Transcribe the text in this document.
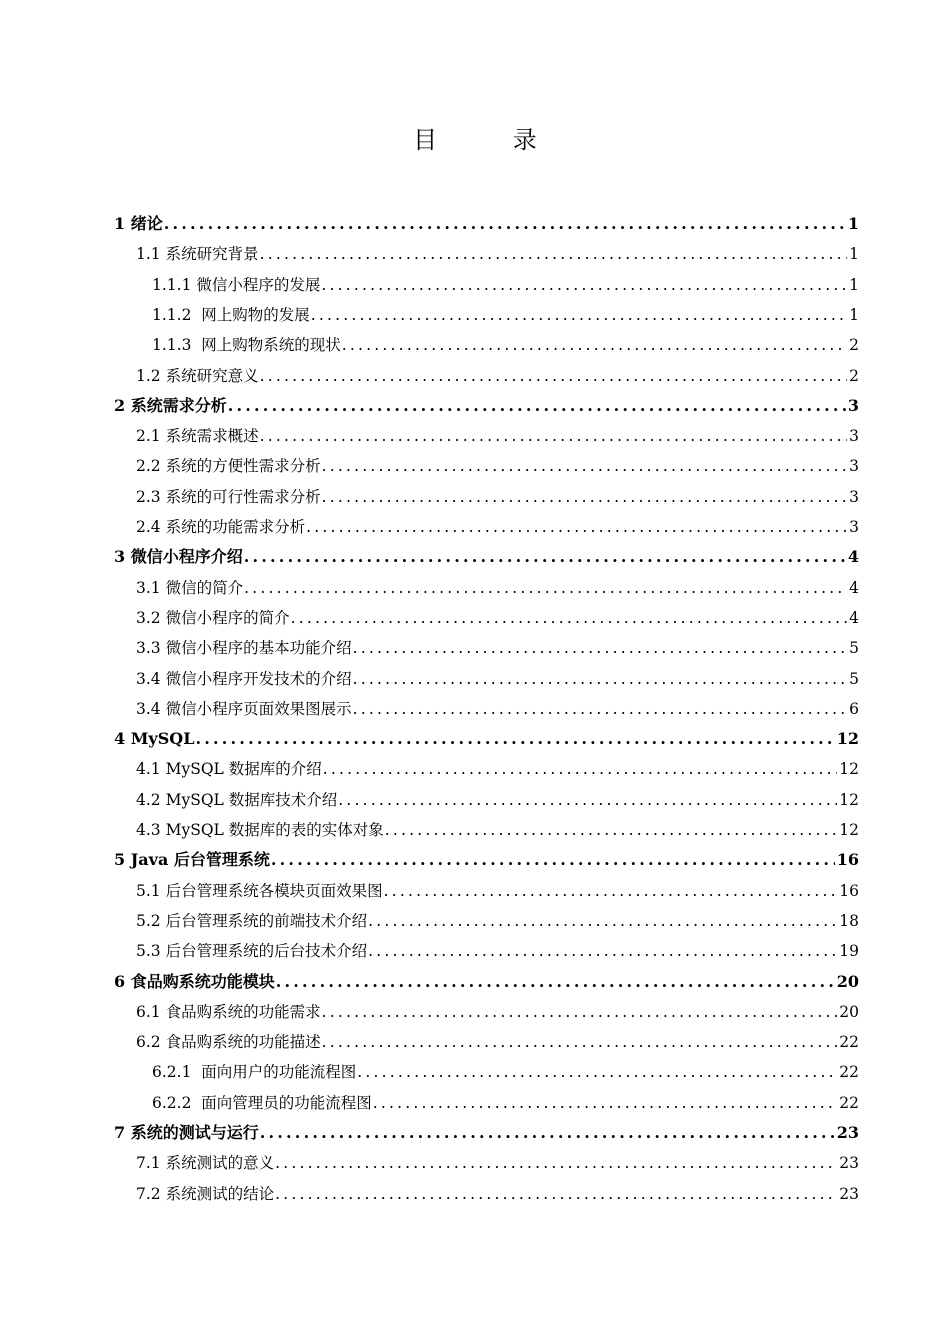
目 录
1 绪论 .....	1
1.1 系统研究背景 .....	1
1.1.1 微信小程序的发展 .....	1
1.1.2  网上购物的发展 .....	1
1.1.3  网上购物系统的现状 .....	2
1.2 系统研究意义 .....	2
2 系统需求分析 .....	3
2.1 系统需求概述 .....	3
2.2 系统的方便性需求分析 .....	3
2.3 系统的可行性需求分析 .....	3
2.4 系统的功能需求分析 .....	3
3 微信小程序介绍 .....	4
3.1 微信的简介 .....	4
3.2 微信小程序的简介 .....	4
3.3 微信小程序的基本功能介绍 .....	5
3.4 微信小程序开发技术的介绍 .....	5
3.4 微信小程序页面效果图展示 .....	6
4 MySQL .....	12
4.1 MySQL 数据库的介绍 .....	12
4.2 MySQL 数据库技术介绍 .....	12
4.3 MySQL 数据库的表的实体对象 .....	12
5 Java 后台管理系统 .....	16
5.1 后台管理系统各模块页面效果图 .....	16
5.2 后台管理系统的前端技术介绍 .....	18
5.3 后台管理系统的后台技术介绍 .....	19
6 食品购系统功能模块 .....	20
6.1 食品购系统的功能需求 .....	20
6.2 食品购系统的功能描述 .....	22
6.2.1  面向用户的功能流程图 .....	22
6.2.2  面向管理员的功能流程图 .....	22
7 系统的测试与运行 .....	23
7.1 系统测试的意义 .....	23
7.2 系统测试的结论 .....	23
